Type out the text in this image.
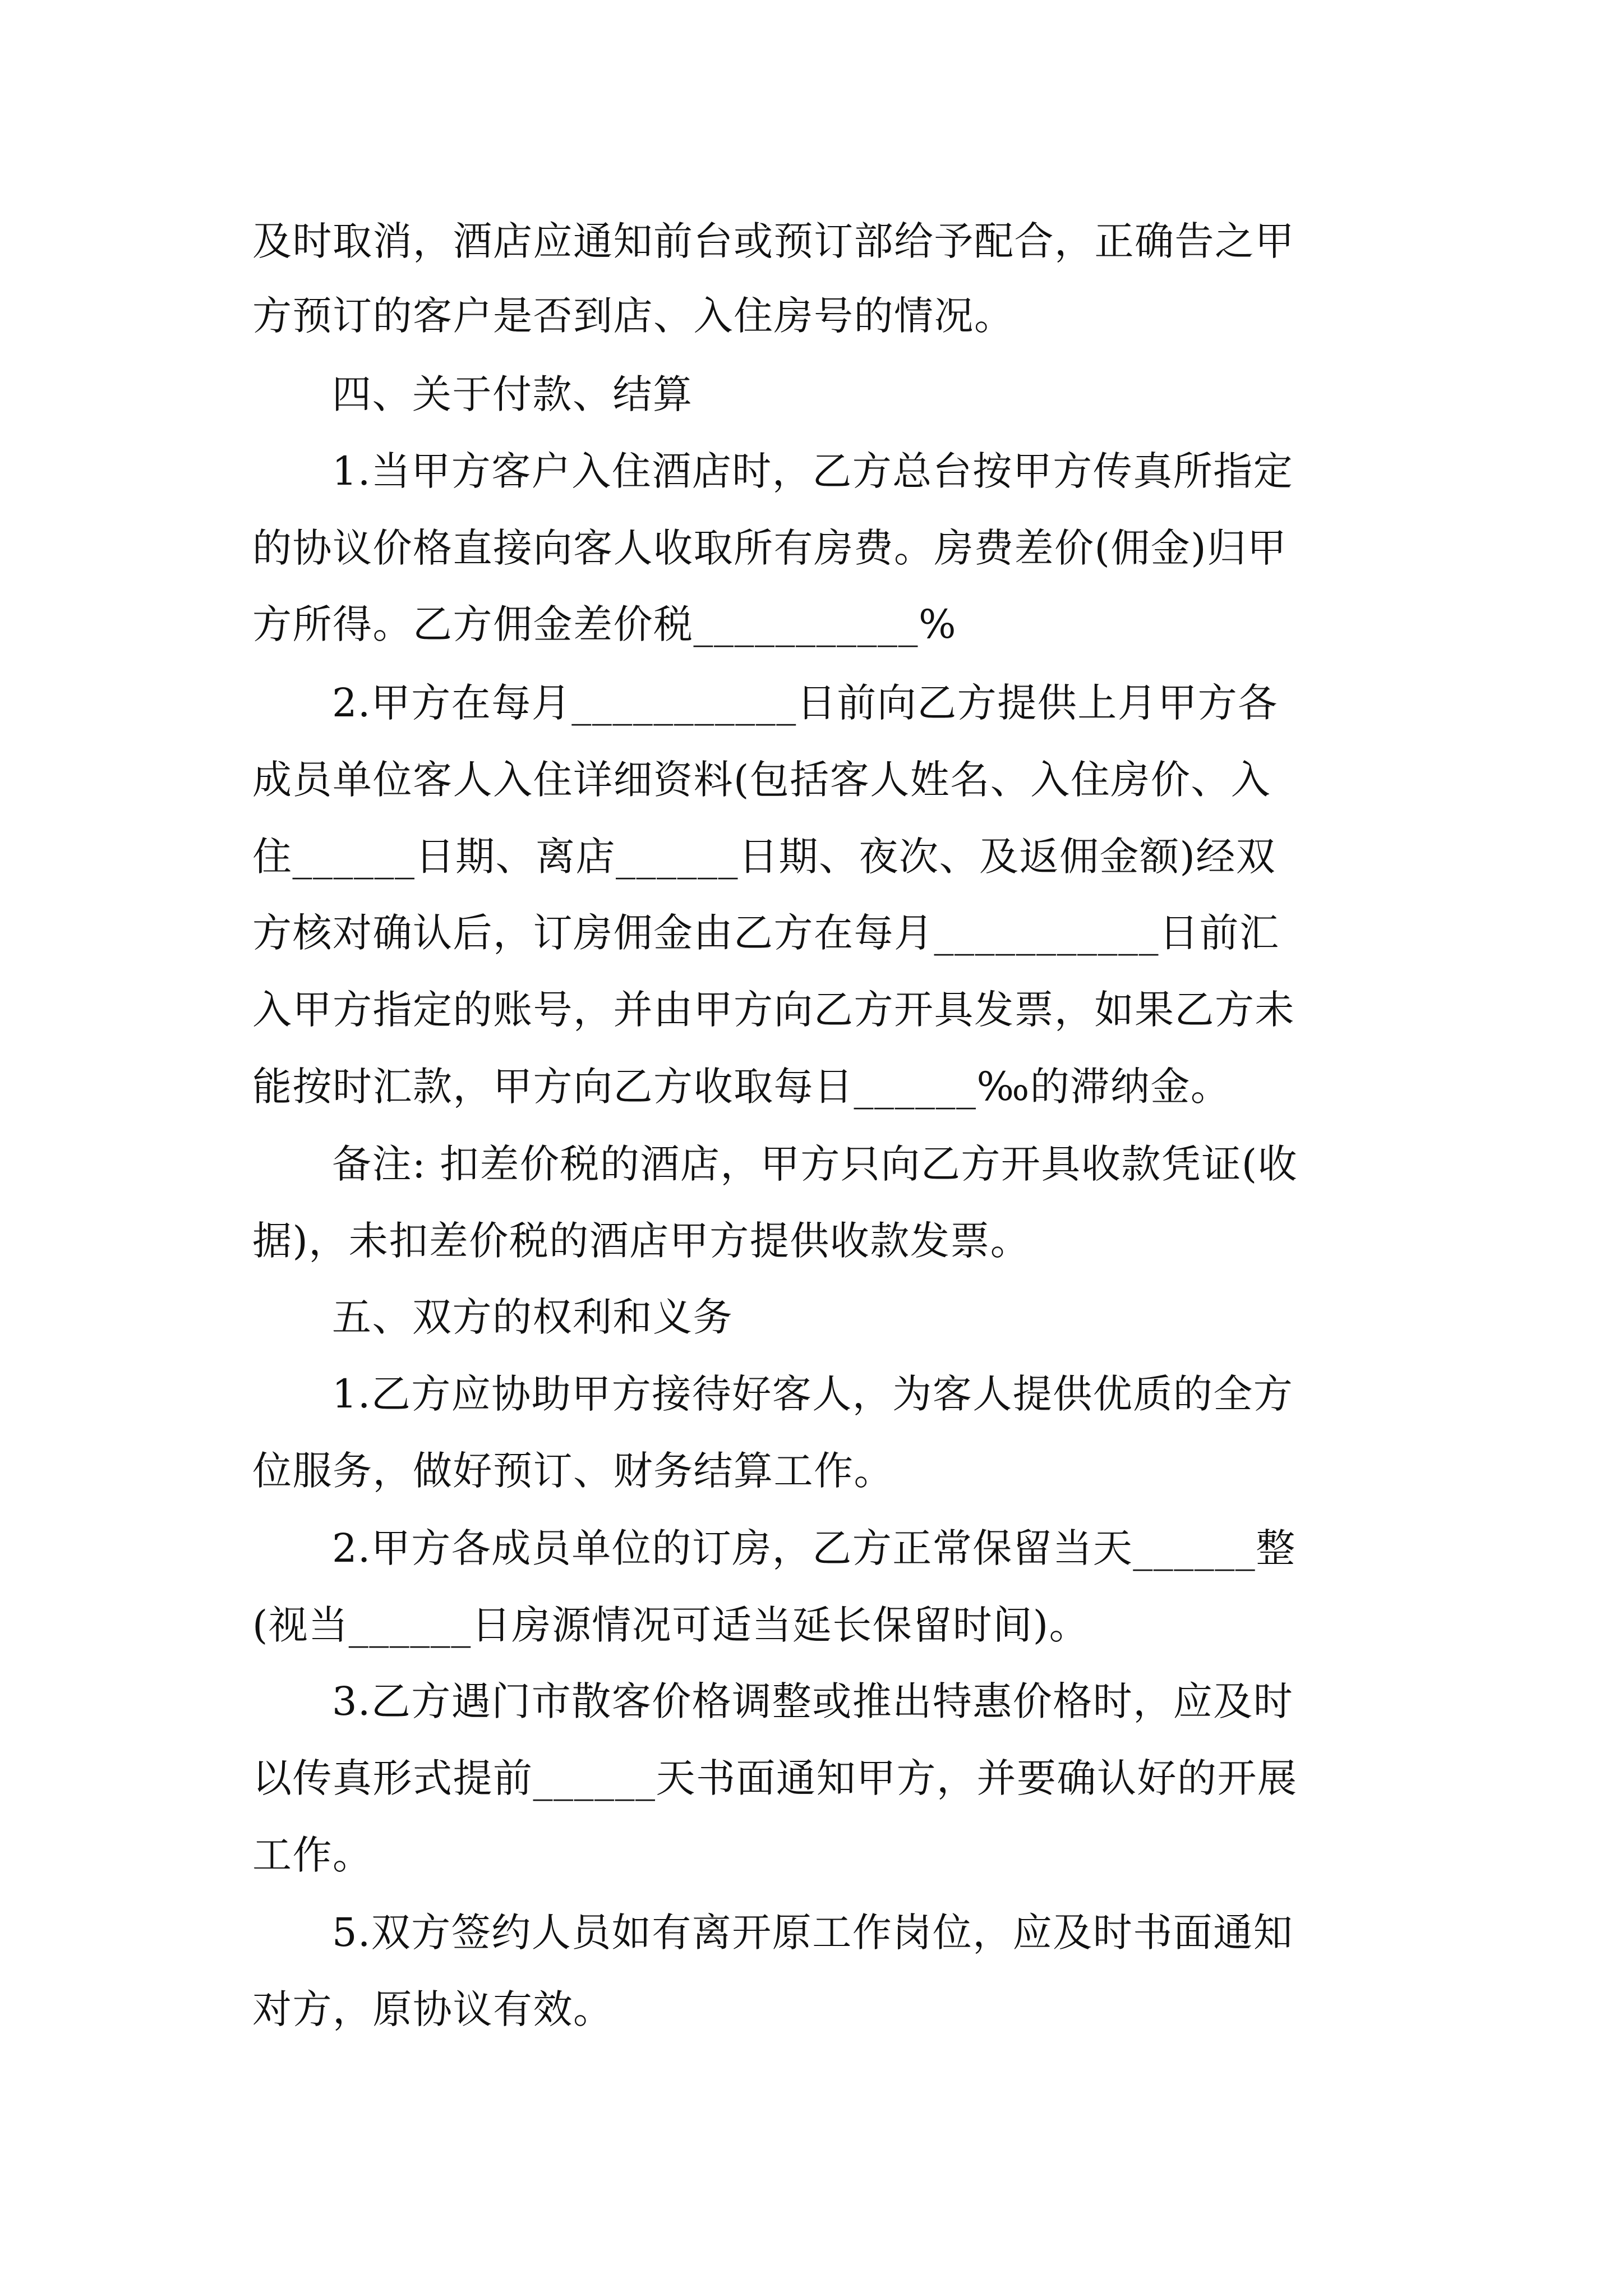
及时取消，酒店应通知前台或预订部给予配合，正确告之甲
方预订的客户是否到店、入住房号的情况。
四、关于付款、结算
1.当甲方客户入住酒店时，乙方总台按甲方传真所指定
的协议价格直接向客人收取所有房费。房费差价(佣金)归甲
方所得。乙方佣金差价税___________%
2.甲方在每月___________日前向乙方提供上月甲方各
成员单位客人入住详细资料(包括客人姓名、入住房价、入
住______日期、离店______日期、夜次、及返佣金额)经双
方核对确认后，订房佣金由乙方在每月___________日前汇
入甲方指定的账号，并由甲方向乙方开具发票，如果乙方未
能按时汇款，甲方向乙方收取每日______‰的滞纳金。
备注: 扣差价税的酒店，甲方只向乙方开具收款凭证(收
据)，未扣差价税的酒店甲方提供收款发票。
五、双方的权利和义务
1.乙方应协助甲方接待好客人，为客人提供优质的全方
位服务，做好预订、财务结算工作。
2.甲方各成员单位的订房，乙方正常保留当天______整
(视当______日房源情况可适当延长保留时间)。
3.乙方遇门市散客价格调整或推出特惠价格时，应及时
以传真形式提前______天书面通知甲方，并要确认好的开展
工作。
5.双方签约人员如有离开原工作岗位，应及时书面通知
对方，原协议有效。
